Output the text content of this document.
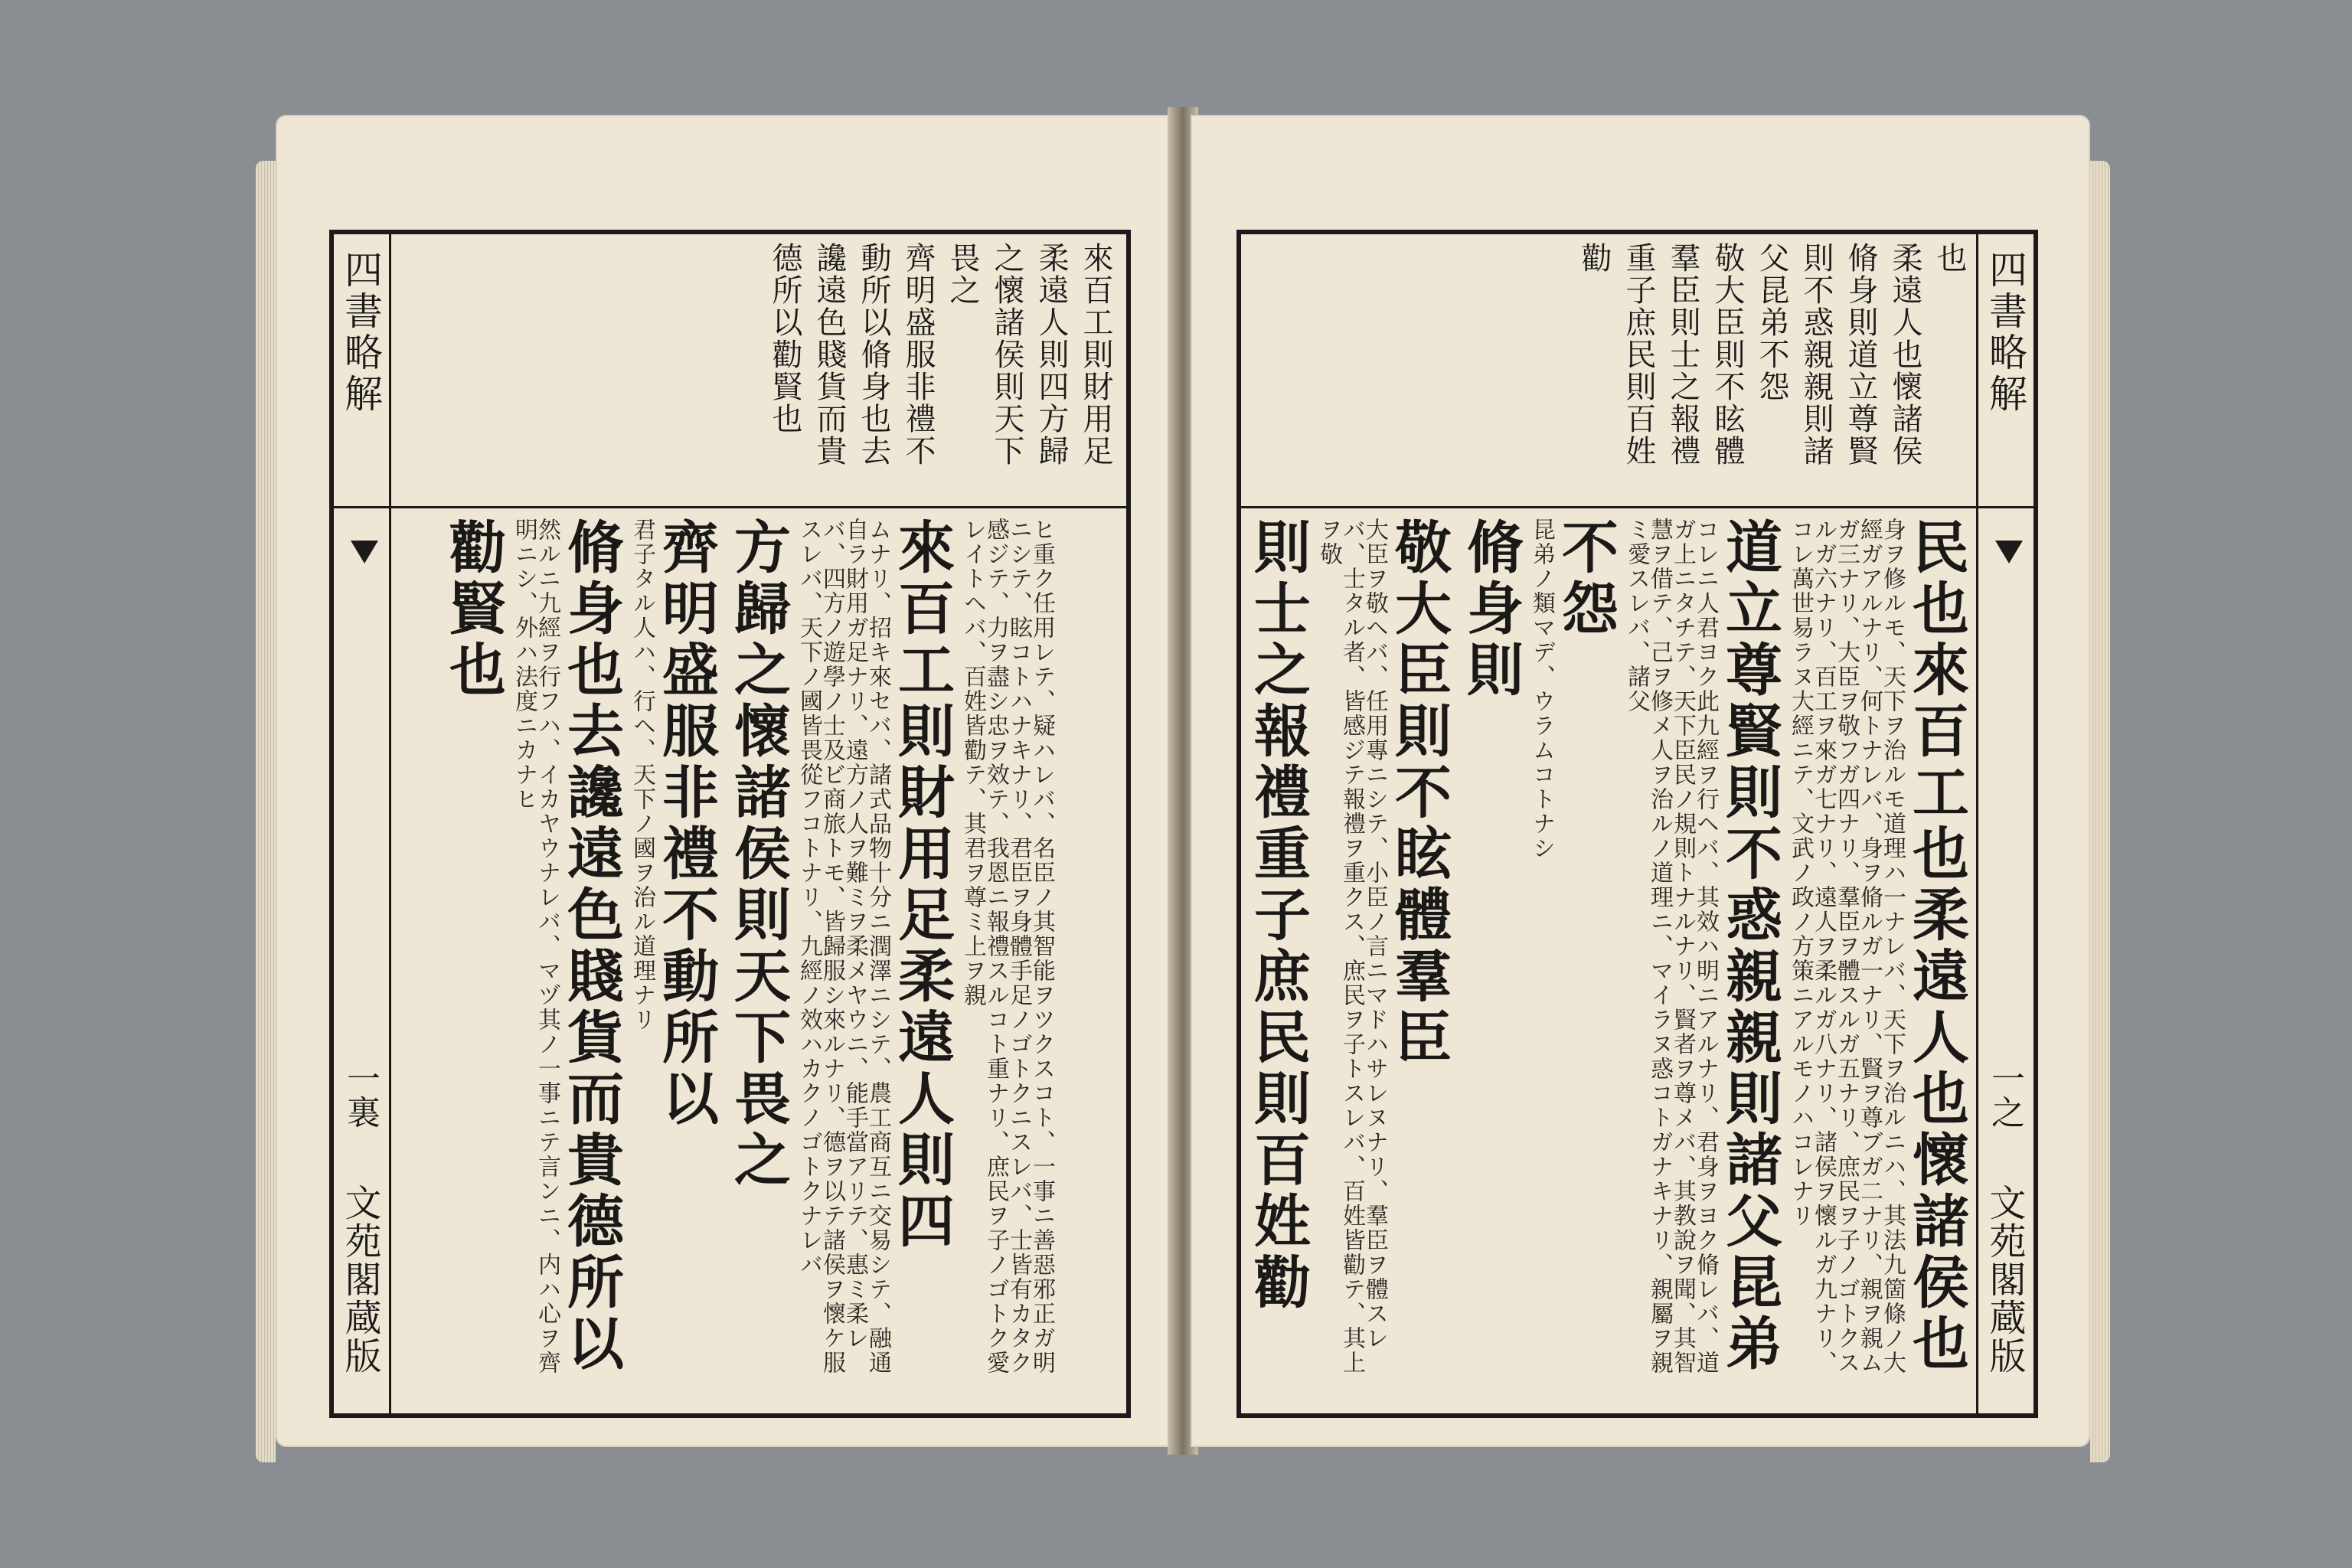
四書略解
一裏
文苑閣蔵版
來百工則財用足
柔遠人則四方歸
之懷諸侯則天下
畏之
齊明盛服非禮不
動所以脩身也去
讒遠色賤貨而貴
德所以勸賢也
ヒ重ク任用レテ、疑ハレバ、名臣ノ其智能ヲツクスコト、一事ニ善惡邪正ガ明ニシテ、眩コトハナキナリ、君臣ヲ身體手足ノゴトクニスレバ、士皆有カタク感ジテ、力ヲ盡シ忠ヲ效テ、我恩ニ報禮スルコト重ナリ、庶民ヲ子ノゴトク愛レイトヘバ、百姓皆勸テ、其君ヲ尊ミ上ヲ親
來百工則財用足柔遠人則四
ムナリ、招キ來セバ、諸式品物十分ニ潤澤ニシテ、農工商互ニ交易シテ、融通自ラ財用ガ足ナリ、遠方ノ人ヲ難ミヲ柔メヤウニ、能手當アリテ、惠ミ柔レバ、四方ノ遊學ノ士及ビ商旅トモ、皆歸服シ來ルナリ、德ヲ以テ諸侯ヲ懷ケ服スレバ、天下ノ國皆畏從フコトナリ、九經ノ效ハカクノゴトクナレバ
方歸之懷諸侯則天下畏之
齊明盛服非禮不動所以
君子タル人ハ、行ヘ、天下ノ國ヲ治ル道理ナリ
脩身也去讒遠色賤貨而貴德所以
然ルニ九經ヲ行フハ、イカヤウナレバ、マヅ其ノ一事ニテ言ンニ、内ハ心ヲ齊明ニシ、外ハ法度ニカナヒ
勸賢也
四書略解
一之
文苑閣蔵版
也
柔遠人也懷諸侯
脩身則道立尊賢
則不惑親親則諸
父昆弟不怨
敬大臣則不眩體
羣臣則士之報禮
重子庶民則百姓
勸
民也來百工也柔遠人也懷諸侯也
身ヲ修ルモ、天下ヲ治ルモ道理ハ一ナレバ、天下ヲ治ルニハ、其法九箇條ノ大經ガアルナリ、何トナレバ、身ヲ脩ルガ一ナリ、賢ヲ尊ブガ二ナリ、親ヲ親ムガ三ナリ、大臣ヲ敬フガ四ナリ、羣臣ヲ體スルガ五ナリ、庶民ヲ子ノゴトクスルガ六ナリ、百工ヲ來ガ七ナリ、遠人ヲ柔ルガ八ナリ、諸侯ヲ懷ルガ九ナリ、コレ萬世易ラヌ大經ニテ、文武ノ政ノ方策ニアルモノハコレナリ
道立尊賢則不惑親親則諸父昆弟
コレニ人君ヨク此九經ヲ行ヘバ、其效ハ明ニアルナリ、君身ヲヨク脩レバ、道ガ上ニタチテ、天下臣民ノ規則トナルナリ、賢者ヲ尊メバ、其教說ヲ聞、其智慧ヲ借テ、己ヲ修メ人ヲ治ルノ道理ニ、マイラヌ惑コトガナキナリ、親屬ヲ親ミ愛スレバ、諸父
不怨
昆弟ノ類マデ、ウラムコトナシ
脩身則
敬大臣則不眩體羣臣
大臣ヲ敬ヘバ、任用專ニシテ、小臣ノ言ニマドハサレヌナリ、羣臣ヲ體スレバ、士タル者、皆感ジテ報禮ヲ重クス、庶民ヲ子トスレバ、百姓皆勸テ、其上ヲ敬
則士之報禮重子庶民則百姓勸
